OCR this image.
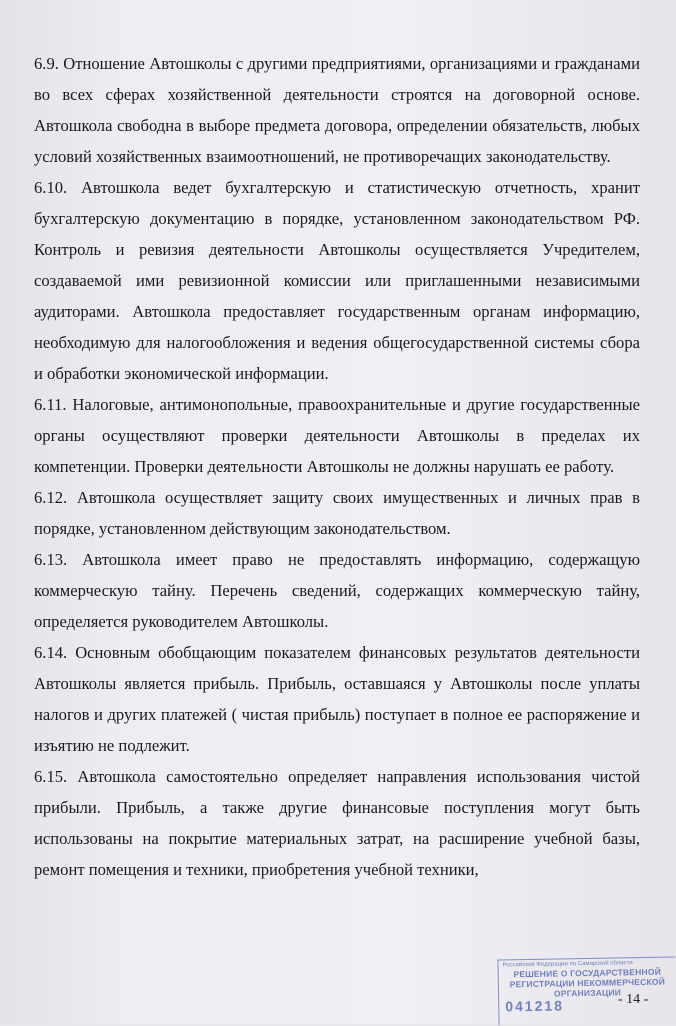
6.9. Отношение Автошколы с другими предприятиями, организациями и гражданами во всех сферах хозяйственной деятельности строятся на договорной основе. Автошкола свободна в выборе предмета договора, определении обязательств, любых условий хозяйственных взаимоотношений, не противоречащих законодательству.

6.10. Автошкола ведет бухгалтерскую и статистическую отчетность, хранит бухгалтерскую документацию в порядке, установленном законодательством РФ. Контроль и ревизия деятельности Автошколы осуществляется Учредителем, создаваемой ими ревизионной комиссии или приглашенными независимыми аудиторами. Автошкола предоставляет государственным органам информацию, необходимую для налогообложения и ведения общегосударственной системы сбора и обработки экономической информации.

6.11. Налоговые, антимонопольные, правоохранительные и другие государственные органы осуществляют проверки деятельности Автошколы в пределах их компетенции. Проверки деятельности Автошколы не должны нарушать ее работу.

6.12. Автошкола осуществляет защиту своих имущественных и личных прав в порядке, установленном действующим законодательством.

6.13. Автошкола имеет право не предоставлять информацию, содержащую коммерческую тайну. Перечень сведений, содержащих коммерческую тайну, определяется руководителем Автошколы.

6.14. Основным обобщающим показателем финансовых результатов деятельности Автошколы является прибыль. Прибыль, оставшаяся у Автошколы после уплаты налогов и других платежей ( чистая прибыль) поступает в полное ее распоряжение и изъятию не подлежит.

6.15. Автошкола самостоятельно определяет направления использования чистой прибыли. Прибыль, а также другие финансовые поступления могут быть использованы на покрытие материальных затрат, на расширение учебной базы, ремонт помещения и техники, приобретения учебной техники,

Российской Федерации по Самарской области
РЕШЕНИЕ О ГОСУДАРСТВЕННОЙ
РЕГИСТРАЦИИ НЕКОММЕРЧЕСКОЙ
ОРГАНИЗАЦИИ
041218	- 14 -
